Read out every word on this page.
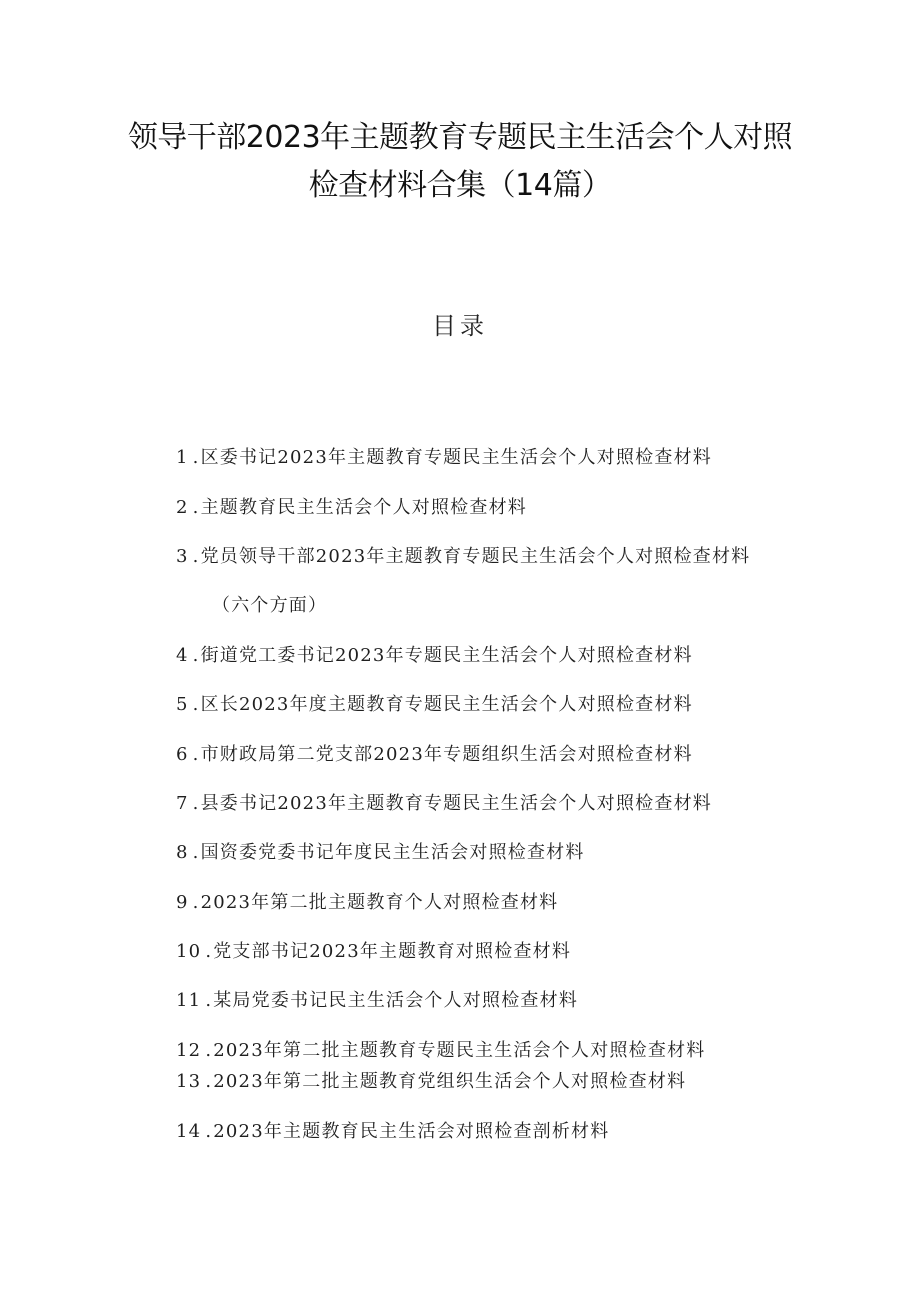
领导干部2023年主题教育专题民主生活会个人对照
检查材料合集（14篇）
目录
1 .区委书记2023年主题教育专题民主生活会个人对照检查材料
2 .主题教育民主生活会个人对照检查材料
3 .党员领导干部2023年主题教育专题民主生活会个人对照检查材料
（六个方面）
4 .街道党工委书记2023年专题民主生活会个人对照检查材料
5 .区长2023年度主题教育专题民主生活会个人对照检查材料
6 .市财政局第二党支部2023年专题组织生活会对照检查材料
7 .县委书记2023年主题教育专题民主生活会个人对照检查材料
8 .国资委党委书记年度民主生活会对照检查材料
9 .2023年第二批主题教育个人对照检查材料
10 .党支部书记2023年主题教育对照检查材料
11 .某局党委书记民主生活会个人对照检查材料
12 .2023年第二批主题教育专题民主生活会个人对照检查材料
13 .2023年第二批主题教育党组织生活会个人对照检查材料
14 .2023年主题教育民主生活会对照检查剖析材料
